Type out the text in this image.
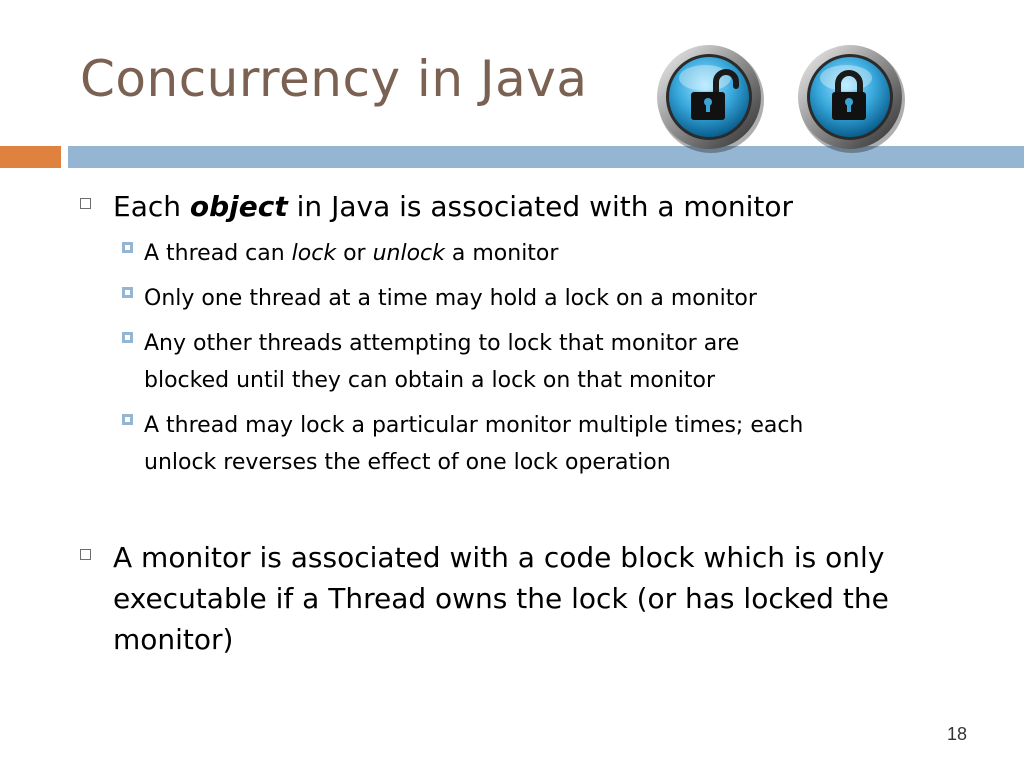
Concurrency in Java
Each object in Java is associated with a monitor
A thread can lock or unlock a monitor
Only one thread at a time may hold a lock on a monitor
Any other threads attempting to lock that monitor are
blocked until they can obtain a lock on that monitor
A thread may lock a particular monitor multiple times; each
unlock reverses the effect of one lock operation
A monitor is associated with a code block which is only
executable if a Thread owns the lock (or has locked the
monitor)
18
